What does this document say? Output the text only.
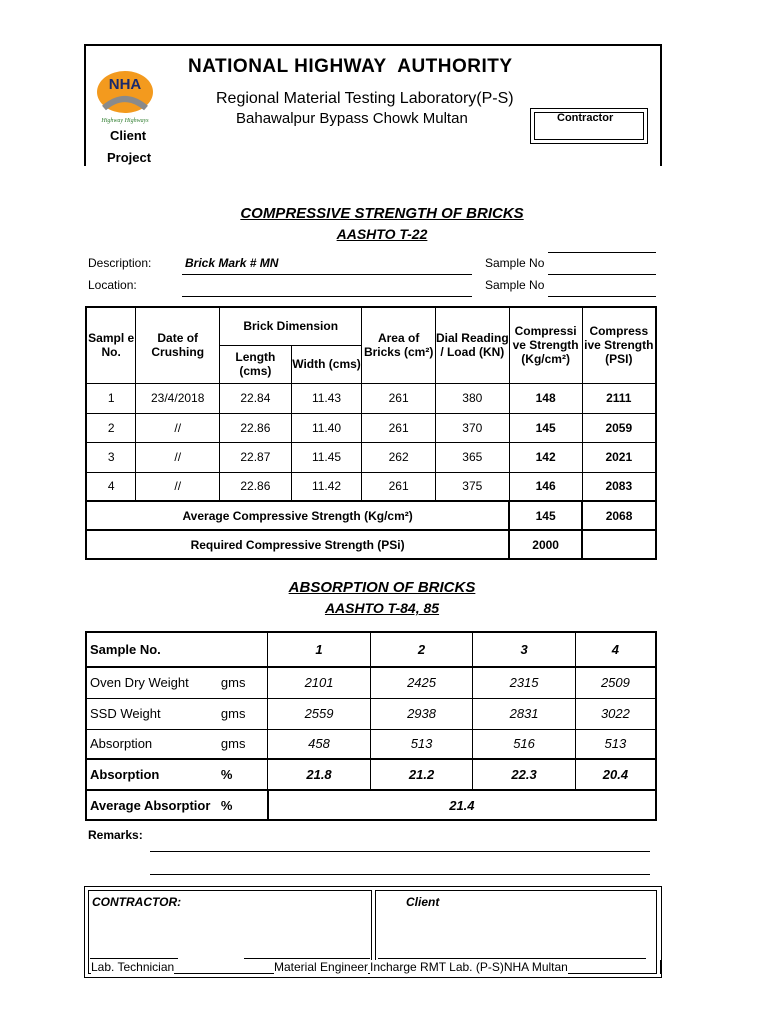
NHA
Highway Highways
NATIONAL HIGHWAY  AUTHORITY
Regional Material Testing Laboratory(P-S)
Bahawalpur Bypass Chowk Multan	Contractor
Client
Project
COMPRESSIVE STRENGTH OF BRICKS
AASHTO T-22
Description:	Brick Mark # MN	Sample No
Location:	Sample No
Sampl e No.	Date of Crushing	Brick Dimension		Area of Bricks (cm²)	Dial Reading / Load (KN)	Compressi ve Strength (Kg/cm²)	Compress ive Strength (PSI)
		Length (cms)	Width (cms)				
1	23/4/2018	22.84	11.43	261	380	148	2111
2	//	22.86	11.40	261	370	145	2059
3	//	22.87	11.45	262	365	142	2021
4	//	22.86	11.42	261	375	146	2083
Average Compressive Strength (Kg/cm²)						145	2068
Required Compressive Strength (PSi)						2000	
ABSORPTION OF BRICKS
AASHTO T-84, 85
Sample No.		1	2	3	4
Oven Dry Weight	gms	2101	2425	2315	2509
SSD Weight	gms	2559	2938	2831	3022
Absorption	gms	458	513	516	513
Absorption	%	21.8	21.2	22.3	20.4
Average Absorptior	%	21.4			
Remarks:
CONTRACTOR:	Client
Lab. Technician	Material Engineer Incharge RMT Lab. (P-S)NHA Multan
